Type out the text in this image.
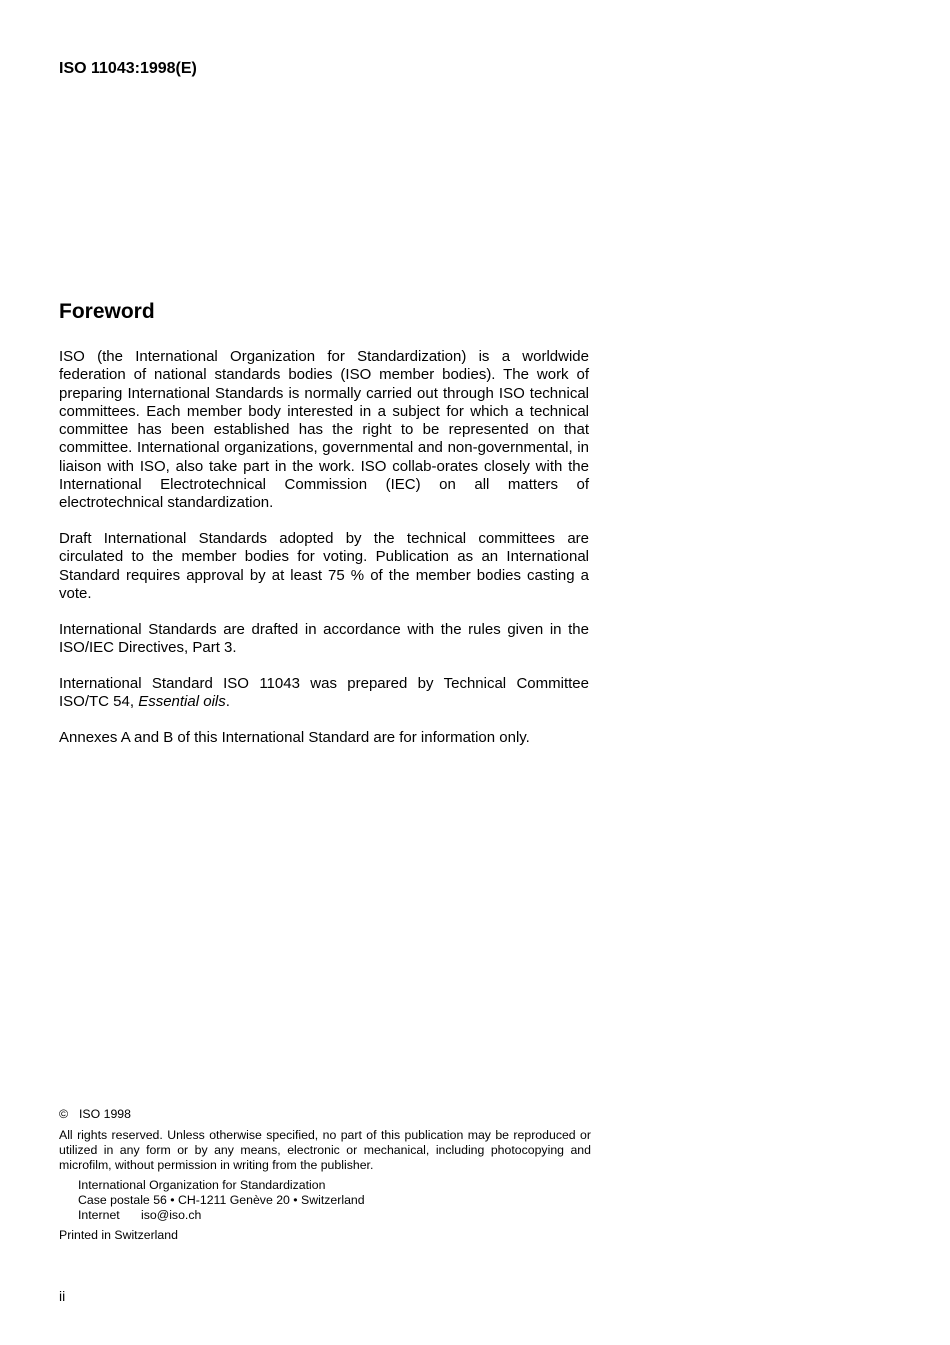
ISO 11043:1998(E)
Foreword

ISO (the International Organization for Standardization) is a worldwide federation of national standards bodies (ISO member bodies). The work of preparing International Standards is normally carried out through ISO technical committees. Each member body interested in a subject for which a technical committee has been established has the right to be represented on that committee. International organizations, governmental and non-governmental, in liaison with ISO, also take part in the work. ISO collab-orates closely with the International Electrotechnical Commission (IEC) on all matters of electrotechnical standardization.

Draft International Standards adopted by the technical committees are circulated to the member bodies for voting. Publication as an International Standard requires approval by at least 75 % of the member bodies casting a vote.

International Standards are drafted in accordance with the rules given in the ISO/IEC Directives, Part 3.

International Standard ISO 11043 was prepared by Technical Committee ISO/TC 54, Essential oils.

Annexes A and B of this International Standard are for information only.

© ISO 1998
All rights reserved. Unless otherwise specified, no part of this publication may be reproduced or utilized in any form or by any means, electronic or mechanical, including photocopying and microfilm, without permission in writing from the publisher.
International Organization for Standardization
Case postale 56 • CH-1211 Genève 20 • Switzerland
Internet iso@iso.ch
Printed in Switzerland
ii
